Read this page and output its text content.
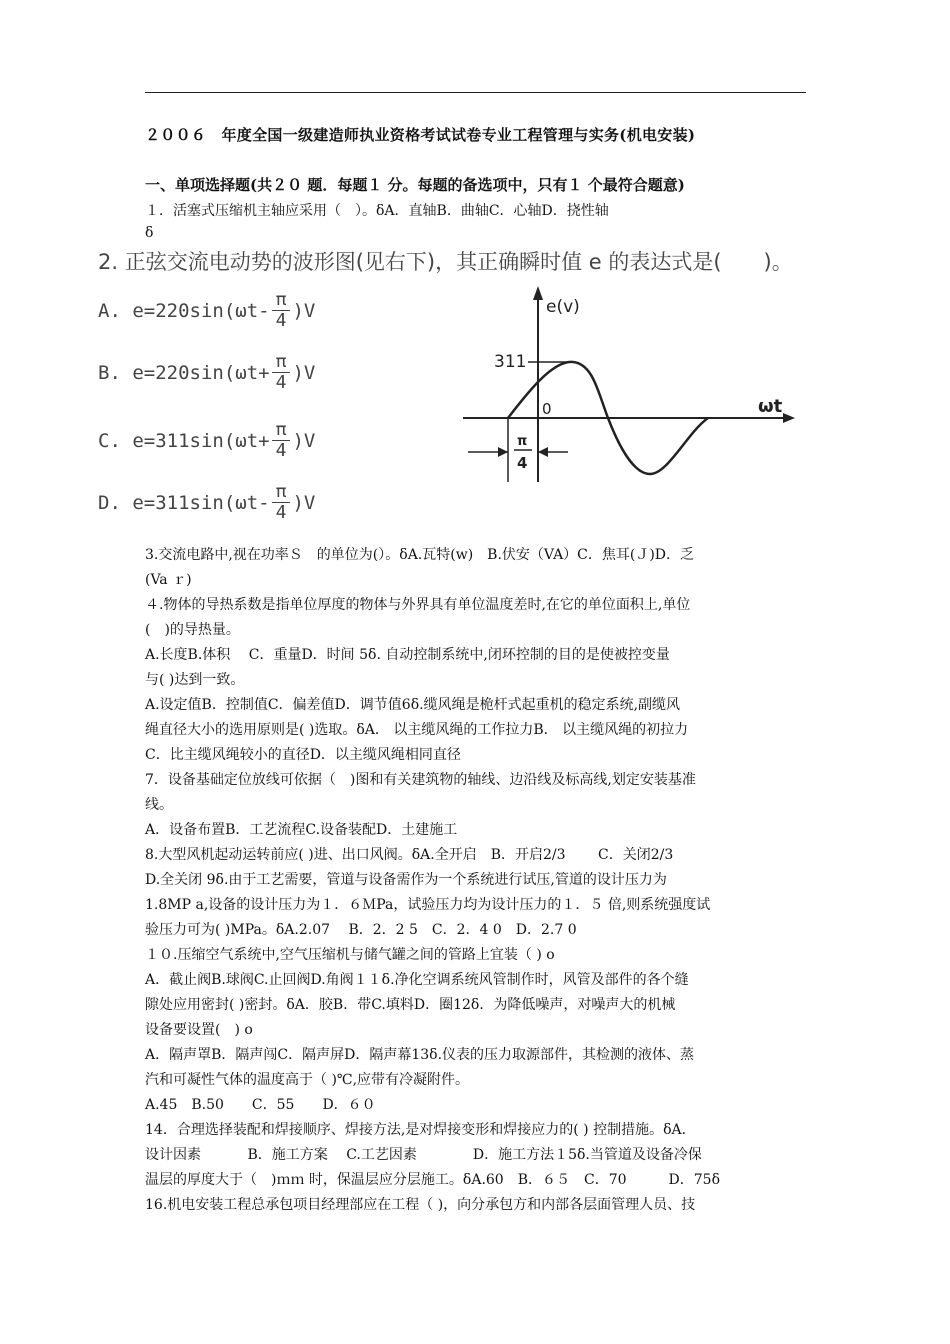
２００６　年度全国一级建造师执业资格考试试卷专业工程管理与实务(机电安装)
一、单项选择题(共２０ 题．每题１ 分。每题的备选项中，只有１ 个最符合题意)
１．活塞式压缩机主轴应采用（　）。ẟA．直轴B．曲轴C．心轴D．挠性轴
ẟ
2. 正弦交流电动势的波形图(见右下)，其正确瞬时值 e 的表达式是(　　)。
A. $e=220\sin(\omega t- \frac{\pi}{4} )V$
B. $e=220\sin(\omega t+ \frac{\pi}{4} )V$
C. $e=311\sin(\omega t+ \frac{\pi}{4} )V$
D. $e=311\sin(\omega t- \frac{\pi}{4} )V$
e(v)
ωt
311
0
π
4

3.交流电路中,视在功率Ｓ　的单位为(）。ẟA.瓦特(w)　B.伏安（VA）C．焦耳(Ｊ)D．乏

(Va ｒ)

４.物体的导热系数是指单位厚度的物体与外界具有单位温度差时,在它的单位面积上,单位

(　)的导热量。

A.长度B.体积　 C．重量D．时间 5ẟ. 自动控制系统中,闭环控制的目的是使被控变量

与( )达到一致。

A.设定值B．控制值C．偏差值D．调节值6ẟ.缆风绳是桅杆式起重机的稳定系统,副缆风

绳直径大小的选用原则是( )选取。ẟA． 以主缆风绳的工作拉力B． 以主缆风绳的初拉力

C．比主缆风绳较小的直径D．以主缆风绳相同直径

7．设备基础定位放线可依据（　)图和有关建筑物的轴线、边沿线及标高线,划定安装基准

线。

A．设备布置B．工艺流程C.设备装配D．土建施工

8.大型风机起动运转前应( )进、出口风阀。ẟA.全开启　B．开启2/3　　 C．关闭2/3

D.全关闭 9ẟ.由于工艺需要，管道与设备需作为一个系统进行试压,管道的设计压力为

1.8MP a,设备的设计压力为１．６ＭPa，试验压力均为设计压力的１．５ 倍,则系统强度试

验压力可为( )MPa。ẟA.2.07　 B．2．2 5　C．2．4 0　D．2.7 0

１０.压缩空气系统中,空气压缩机与储气罐之间的管路上宜装（ ) o

A．截止阀B.球阀C.止回阀D.角阀１１ẟ.净化空调系统风管制作时，风管及部件的各个缝

隙处应用密封( )密封。ẟA．胶B．带C.填料D．圈12ẟ．为降低噪声，对噪声大的机械

设备要设置(　) o

A．隔声罩B．隔声闯C．隔声屏D．隔声幕13ẟ.仪表的压力取源部件，其检测的液体、蒸

汽和可凝性气体的温度高于（ )℃,应带有冷凝附件。

A.45　B.50　　C．55　　D．６０

14．合理选择装配和焊接顺序、焊接方法,是对焊接变形和焊接应力的( ) 控制措施。ẟA．

设计因素　　　 B．施工方案　 C.工艺因素　　　　D．施工方法１5ẟ.当管道及设备冷保

温层的厚度大于（　)ｍｍ 时，保温层应分层施工。ẟA.60　B．６５　C．70　　　D．75ẟ

16.机电安装工程总承包项目经理部应在工程（ )，向分承包方和内部各层面管理人员、技
